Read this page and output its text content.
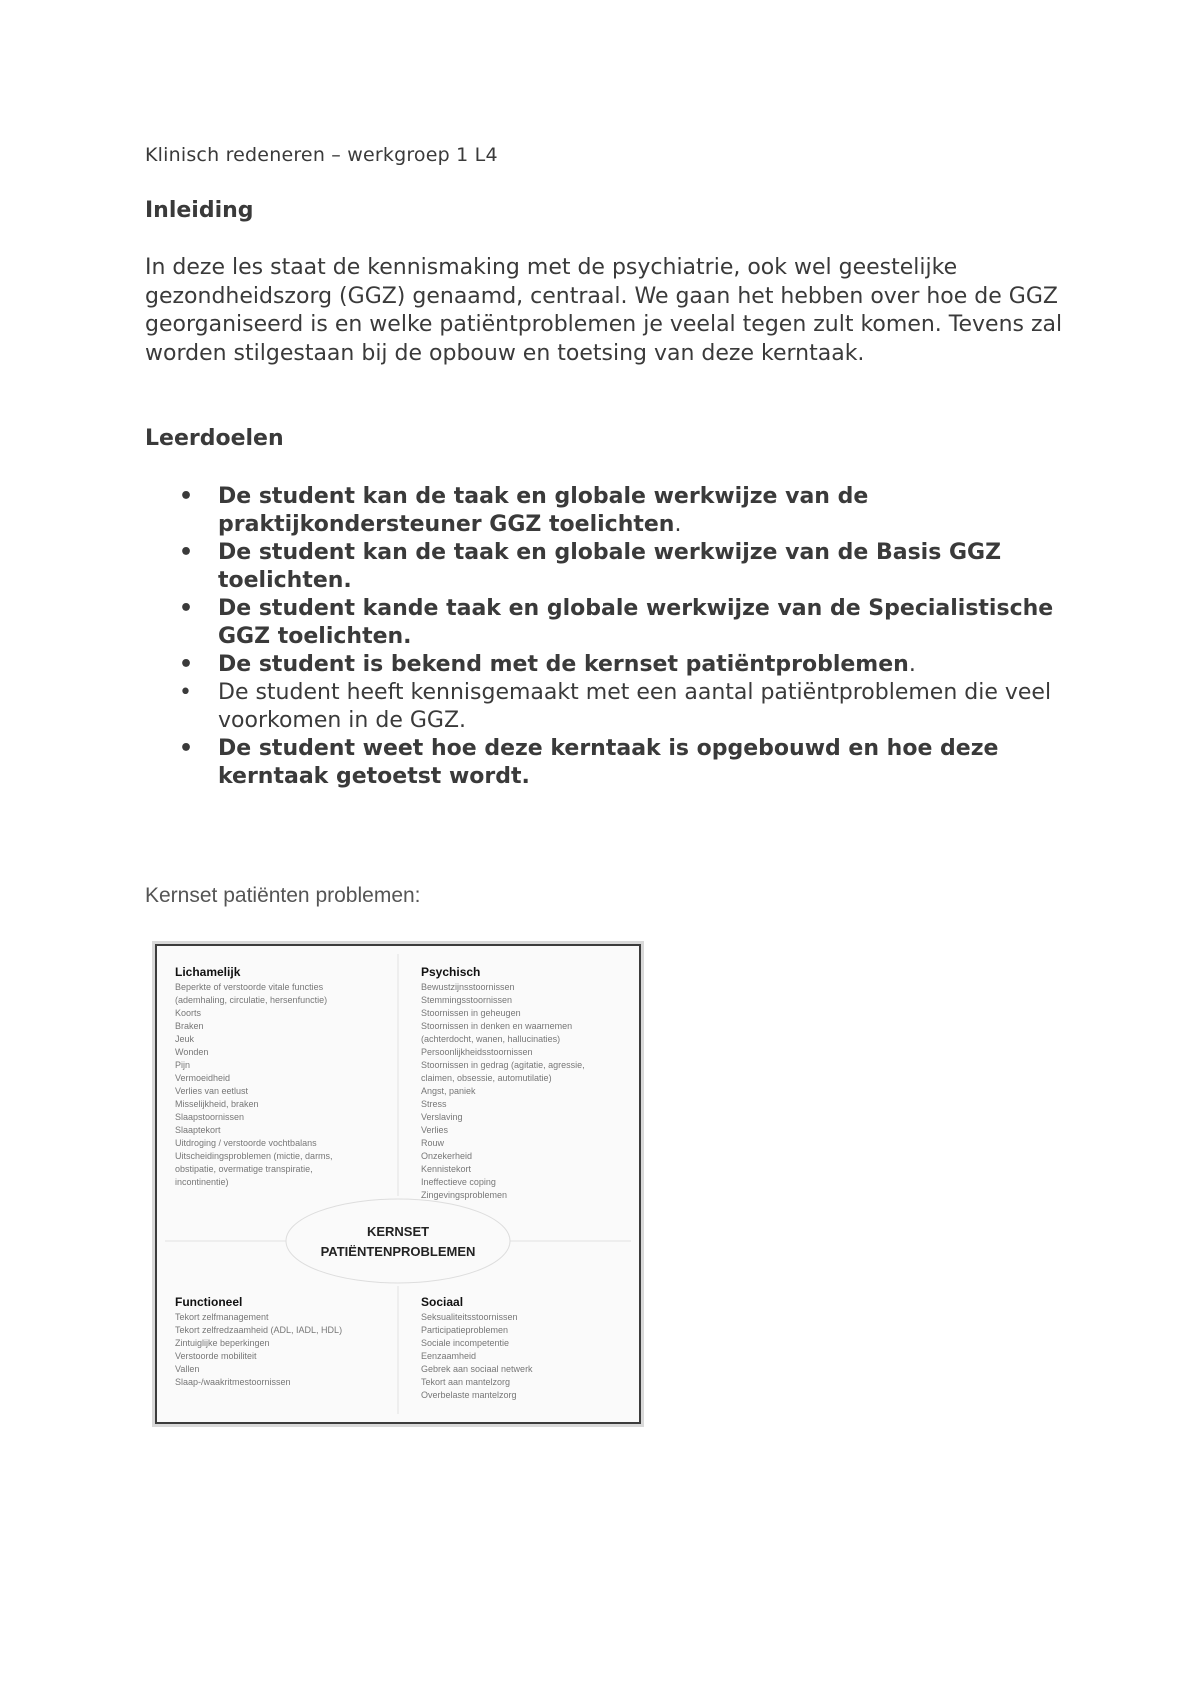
Klinisch redeneren – werkgroep 1 L4
Inleiding

In deze les staat de kennismaking met de psychiatrie, ook wel geestelijke gezondheidszorg (GGZ) genaamd, centraal. We gaan het hebben over hoe de GGZ georganiseerd is en welke patiëntproblemen je veelal tegen zult komen. Tevens zal worden stilgestaan bij de opbouw en toetsing van deze kerntaak.

Leerdoelen
• De student kan de taak en globale werkwijze van de praktijkondersteuner GGZ toelichten.
• De student kan de taak en globale werkwijze van de Basis GGZ toelichten.
• De student kande taak en globale werkwijze van de Specialistische GGZ toelichten.
• De student is bekend met de kernset patiëntproblemen.
• De student heeft kennisgemaakt met een aantal patiëntproblemen die veel voorkomen in de GGZ.
• De student weet hoe deze kerntaak is opgebouwd en hoe deze kerntaak getoetst wordt.
Kernset patiënten problemen:
KERNSET
PATIËNTENPROBLEMEN
Lichamelijk
Beperkte of verstoorde vitale functies
(ademhaling, circulatie, hersenfunctie)
Koorts
Braken
Jeuk
Wonden
Pijn
Vermoeidheid
Verlies van eetlust
Misselijkheid, braken
Slaapstoornissen
Slaaptekort
Uitdroging / verstoorde vochtbalans
Uitscheidingsproblemen (mictie, darms,
obstipatie, overmatige transpiratie,
incontinentie)
Psychisch
Bewustzijnsstoornissen
Stemmingsstoornissen
Stoornissen in geheugen
Stoornissen in denken en waarnemen
(achterdocht, wanen, hallucinaties)
Persoonlijkheidsstoornissen
Stoornissen in gedrag (agitatie, agressie,
claimen, obsessie, automutilatie)
Angst, paniek
Stress
Verslaving
Verlies
Rouw
Onzekerheid
Kennistekort
Ineffectieve coping
Zingevingsproblemen
Functioneel
Tekort zelfmanagement
Tekort zelfredzaamheid (ADL, IADL, HDL)
Zintuiglijke beperkingen
Verstoorde mobiliteit
Vallen
Slaap-/waakritmestoornissen
Sociaal
Seksualiteitsstoornissen
Participatieproblemen
Sociale incompetentie
Eenzaamheid
Gebrek aan sociaal netwerk
Tekort aan mantelzorg
Overbelaste mantelzorg
